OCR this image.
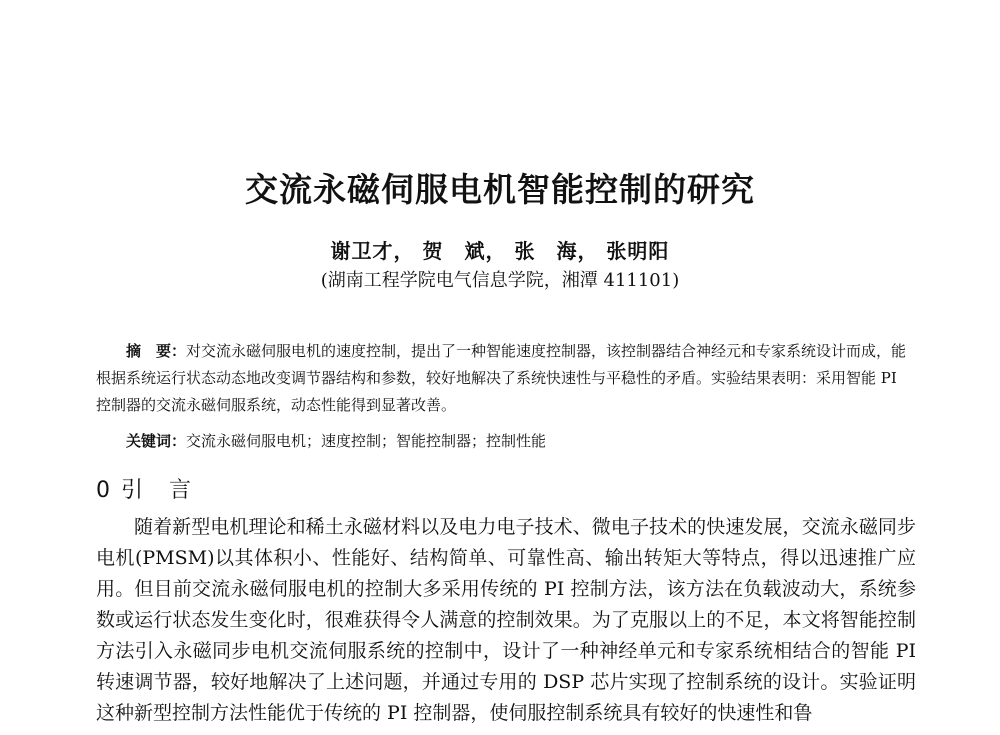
交流永磁伺服电机智能控制的研究
谢卫才， 贺　斌， 张　海， 张明阳
(湖南工程学院电气信息学院，湘潭 411101)
摘　要：对交流永磁伺服电机的速度控制，提出了一种智能速度控制器，该控制器结合神经元和专家系统设计而成，能根据系统运行状态动态地改变调节器结构和参数，较好地解决了系统快速性与平稳性的矛盾。实验结果表明：采用智能 PI 控制器的交流永磁伺服系统，动态性能得到显著改善。
关键词：交流永磁伺服电机；速度控制；智能控制器；控制性能
0 引　言
随着新型电机理论和稀土永磁材料以及电力电子技术、微电子技术的快速发展，交流永磁同步电机(PMSM)以其体积小、性能好、结构简单、可靠性高、输出转矩大等特点，得以迅速推广应用。但目前交流永磁伺服电机的控制大多采用传统的 PI 控制方法，该方法在负载波动大，系统参数或运行状态发生变化时，很难获得令人满意的控制效果。为了克服以上的不足，本文将智能控制方法引入永磁同步电机交流伺服系统的控制中，设计了一种神经单元和专家系统相结合的智能 PI 转速调节器，较好地解决了上述问题，并通过专用的 DSP 芯片实现了控制系统的设计。实验证明这种新型控制方法性能优于传统的 PI 控制器，使伺服控制系统具有较好的快速性和鲁
